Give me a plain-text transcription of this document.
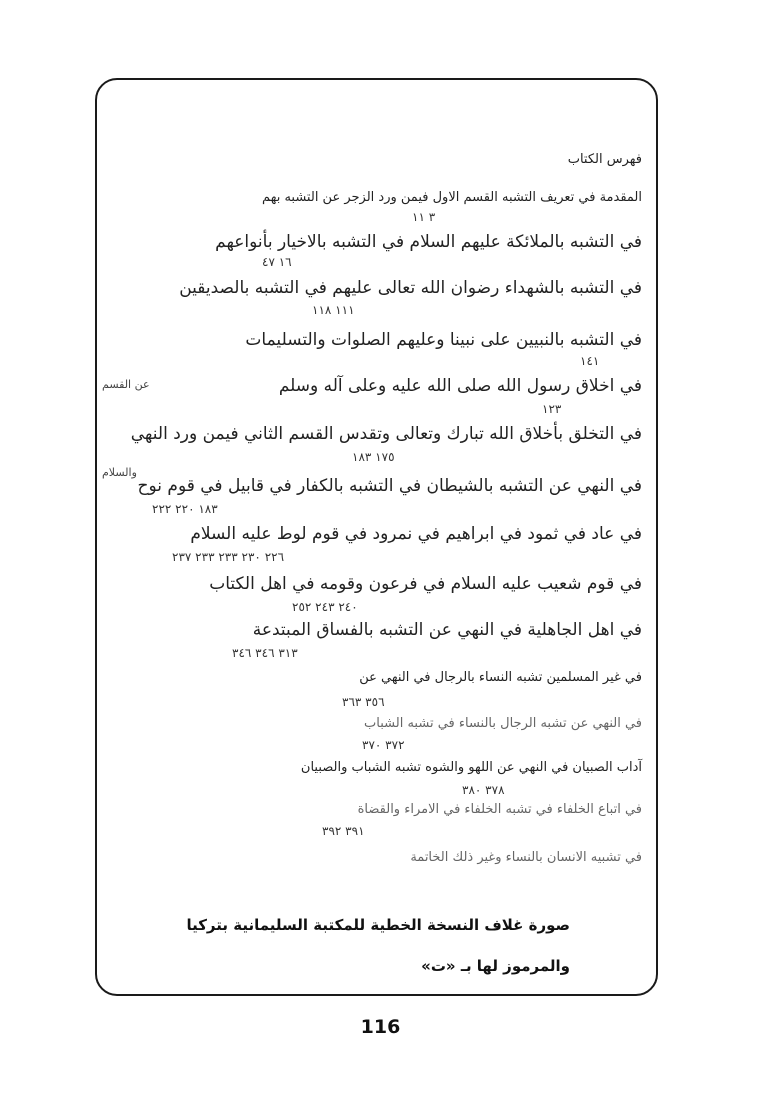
فهرس الكتاب
المقدمة في تعريف التشبه القسم الاول فيمن ورد الزجر عن التشبه بهم
٣ ١١
في التشبه بالملائكة عليهم السلام في التشبه بالاخيار بأنواعهم
١٦ ٤٧
في التشبه بالشهداء رضوان الله تعالى عليهم في التشبه بالصديقين
١١١ ١١٨
في التشبه بالنبيين على نبينا وعليهم الصلوات والتسليمات
١٤١
في اخلاق رسول الله صلى الله عليه وعلى آله وسلم
١٢٣
في التخلق بأخلاق الله تبارك وتعالى وتقدس القسم الثاني فيمن ورد النهي
١٧٥ ١٨٣
في النهي عن التشبه بالشيطان في التشبه بالكفار في قابيل في قوم نوح
١٨٣ ٢٢٠ ٢٢٢
في عاد في ثمود في ابراهيم في نمرود في قوم لوط عليه السلام
٢٢٦ ٢٣٠ ٢٣٣ ٢٣٣ ٢٣٧
في قوم شعيب عليه السلام في فرعون وقومه في اهل الكتاب
٢٤٠ ٢٤٣ ٢٥٢
في اهل الجاهلية في النهي عن التشبه بالفساق المبتدعة
٣١٣ ٣٤٦ ٣٤٦
في غير المسلمين تشبه النساء بالرجال في النهي عن
٣٥٦ ٣٦٣
في النهي عن تشبه الرجال بالنساء في تشبه الشباب
٣٧٢ ٣٧٠
آداب الصبيان في النهي عن اللهو والشوه تشبه الشباب والصبيان
٣٧٨ ٣٨٠
في اتباع الخلفاء في تشبه الخلفاء في الامراء والقضاة
٣٩١ ٣٩٢
في تشبيه الانسان بالنساء وغير ذلك الخاتمة
عن القسم
والسلام
صورة غلاف النسخة الخطية للمكتبة السليمانية بتركيا
والمرموز لها بـ «ت»
116
